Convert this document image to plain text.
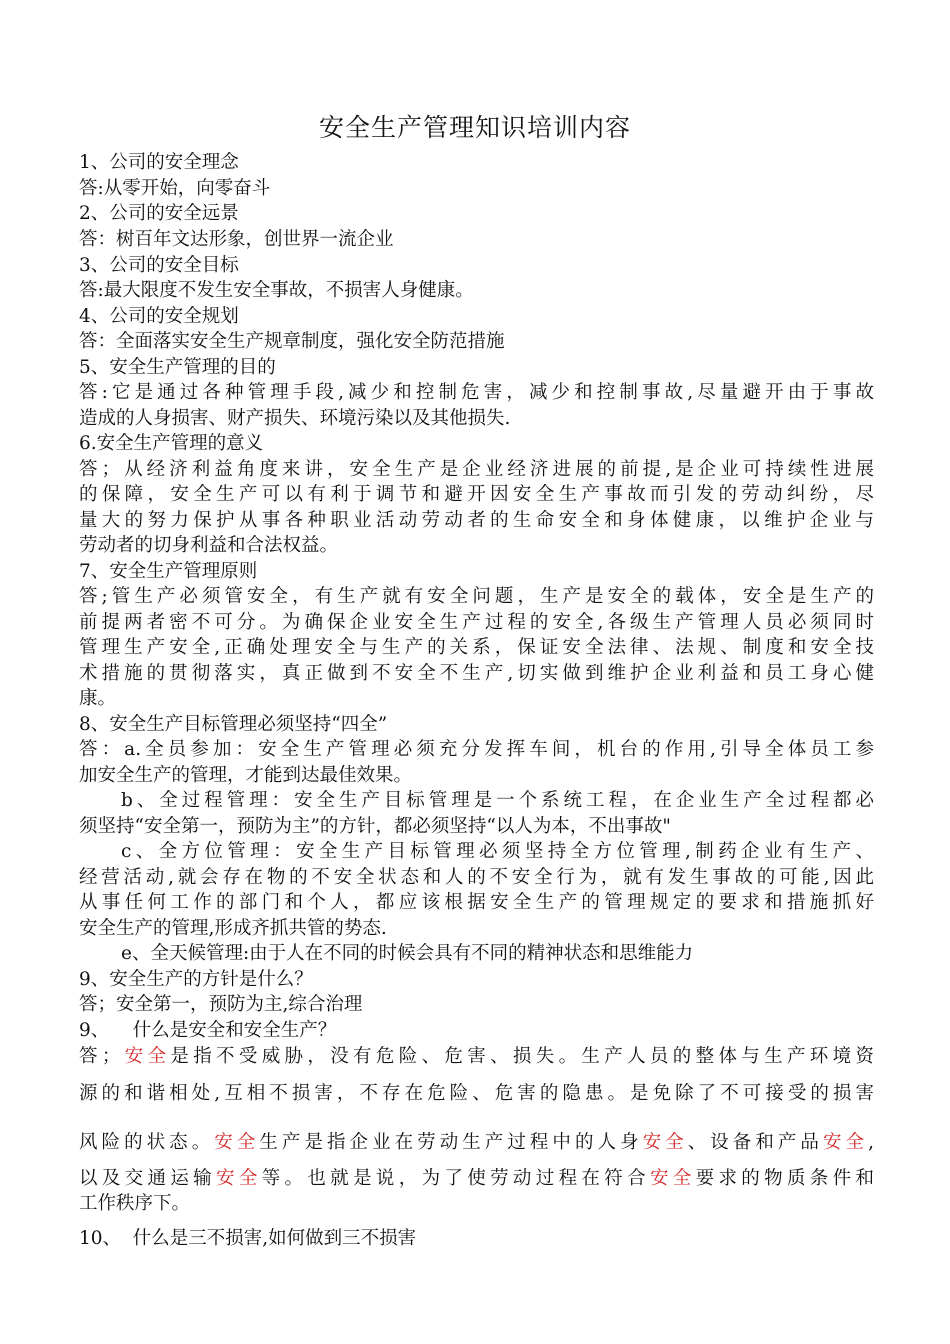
安全生产管理知识培训内容
1、公司的安全理念
答:从零开始，向零奋斗
2、公司的安全远景
答：树百年文达形象，创世界一流企业
3、公司的安全目标
答:最大限度不发生安全事故，不损害人身健康。
4、公司的安全规划
答：全面落实安全生产规章制度，强化安全防范措施
5、安全生产管理的目的
答:它是通过各种管理手段,减少和控制危害，减少和控制事故,尽量避开由于事故
造成的人身损害、财产损失、环境污染以及其他损失.
6.安全生产管理的意义
答；从经济利益角度来讲，安全生产是企业经济进展的前提,是企业可持续性进展
的保障，安全生产可以有利于调节和避开因安全生产事故而引发的劳动纠纷，尽
量大的努力保护从事各种职业活动劳动者的生命安全和身体健康，以维护企业与
劳动者的切身利益和合法权益。
7、安全生产管理原则
答;管生产必须管安全，有生产就有安全问题，生产是安全的载体，安全是生产的
前提两者密不可分。为确保企业安全生产过程的安全,各级生产管理人员必须同时
管理生产安全,正确处理安全与生产的关系，保证安全法律、法规、制度和安全技
术措施的贯彻落实，真正做到不安全不生产,切实做到维护企业利益和员工身心健
康。
8、安全生产目标管理必须坚持“四全”
答：a.全员参加：安全生产管理必须充分发挥车间，机台的作用,引导全体员工参
加安全生产的管理，才能到达最佳效果。
b、全过程管理：安全生产目标管理是一个系统工程，在企业生产全过程都必
须坚持“安全第一，预防为主”的方针，都必须坚持“以人为本，不出事故"
c、全方位管理：安全生产目标管理必须坚持全方位管理,制药企业有生产、
经营活动,就会存在物的不安全状态和人的不安全行为，就有发生事故的可能,因此
从事任何工作的部门和个人，都应该根据安全生产的管理规定的要求和措施抓好
安全生产的管理,形成齐抓共管的势态.
e、全天候管理:由于人在不同的时候会具有不同的精神状态和思维能力
9、安全生产的方针是什么？
答；安全第一，预防为主,综合治理
9、    什么是安全和安全生产？
答；安全是指不受威胁，没有危险、危害、损失。生产人员的整体与生产环境资
源的和谐相处,互相不损害，不存在危险、危害的隐患。是免除了不可接受的损害
风险的状态。安全生产是指企业在劳动生产过程中的人身安全、设备和产品安全,
以及交通运输安全等。也就是说，为了使劳动过程在符合安全要求的物质条件和
工作秩序下。
10、  什么是三不损害,如何做到三不损害
